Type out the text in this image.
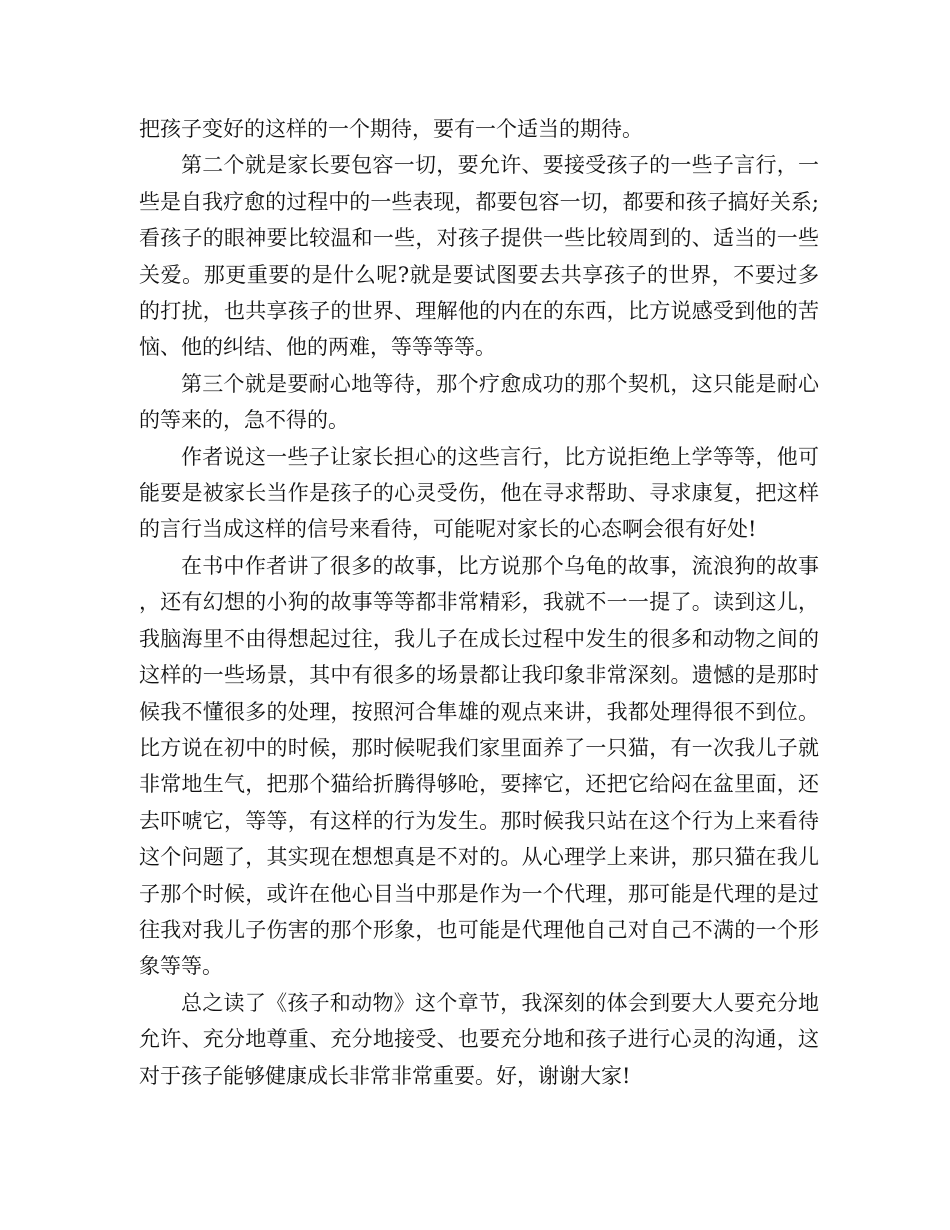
把孩子变好的这样的一个期待，要有一个适当的期待。

第二个就是家长要包容一切，要允许、要接受孩子的一些子言行，一些是自我疗愈的过程中的一些表现，都要包容一切，都要和孩子搞好关系;看孩子的眼神要比较温和一些，对孩子提供一些比较周到的、适当的一些关爱。那更重要的是什么呢?就是要试图要去共享孩子的世界，不要过多的打扰，也共享孩子的世界、理解他的内在的东西，比方说感受到他的苦恼、他的纠结、他的两难，等等等等。

第三个就是要耐心地等待，那个疗愈成功的那个契机，这只能是耐心的等来的，急不得的。

作者说这一些子让家长担心的这些言行，比方说拒绝上学等等，他可能要是被家长当作是孩子的心灵受伤，他在寻求帮助、寻求康复，把这样的言行当成这样的信号来看待，可能呢对家长的心态啊会很有好处!

在书中作者讲了很多的故事，比方说那个乌龟的故事，流浪狗的故事，还有幻想的小狗的故事等等都非常精彩，我就不一一提了。读到这儿，我脑海里不由得想起过往，我儿子在成长过程中发生的很多和动物之间的这样的一些场景，其中有很多的场景都让我印象非常深刻。遗憾的是那时候我不懂很多的处理，按照河合隼雄的观点来讲，我都处理得很不到位。比方说在初中的时候，那时候呢我们家里面养了一只猫，有一次我儿子就非常地生气，把那个猫给折腾得够呛，要摔它，还把它给闷在盆里面，还去吓唬它，等等，有这样的行为发生。那时候我只站在这个行为上来看待这个问题了，其实现在想想真是不对的。从心理学上来讲，那只猫在我儿子那个时候，或许在他心目当中那是作为一个代理，那可能是代理的是过往我对我儿子伤害的那个形象，也可能是代理他自己对自己不满的一个形象等等。

总之读了《孩子和动物》这个章节，我深刻的体会到要大人要充分地允许、充分地尊重、充分地接受、也要充分地和孩子进行心灵的沟通，这对于孩子能够健康成长非常非常重要。好，谢谢大家!
